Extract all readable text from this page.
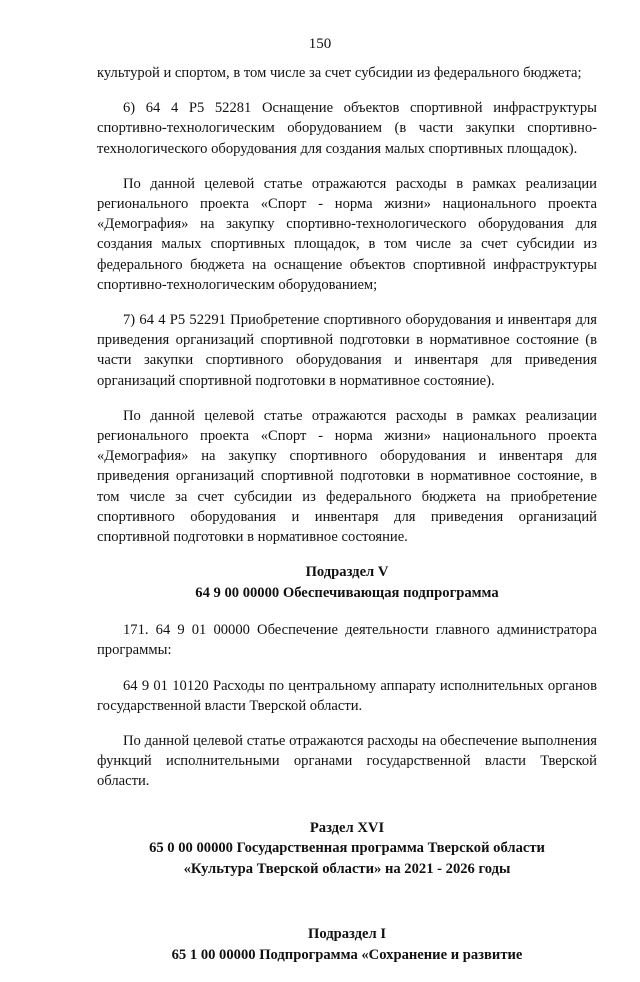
150

культурой и спортом, в том числе за счет субсидии из федерального бюджета;

6) 64 4 Р5 52281 Оснащение объектов спортивной инфраструктуры спортивно-технологическим оборудованием (в части закупки спортивно-технологического оборудования для создания малых спортивных площадок).

По данной целевой статье отражаются расходы в рамках реализации регионального проекта «Спорт - норма жизни» национального проекта «Демография» на закупку спортивно-технологического оборудования для создания малых спортивных площадок, в том числе за счет субсидии из федерального бюджета на оснащение объектов спортивной инфраструктуры спортивно-технологическим оборудованием;

7) 64 4 Р5 52291 Приобретение спортивного оборудования и инвентаря для приведения организаций спортивной подготовки в нормативное состояние (в части закупки спортивного оборудования и инвентаря для приведения организаций спортивной подготовки в нормативное состояние).

По данной целевой статье отражаются расходы в рамках реализации регионального проекта «Спорт - норма жизни» национального проекта «Демография» на закупку спортивного оборудования и инвентаря для приведения организаций спортивной подготовки в нормативное состояние, в том числе за счет субсидии из федерального бюджета на приобретение спортивного оборудования и инвентаря для приведения организаций спортивной подготовки в нормативное состояние.

Подраздел V
64 9 00 00000 Обеспечивающая подпрограмма

171. 64 9 01 00000 Обеспечение деятельности главного администратора программы:

64 9 01 10120 Расходы по центральному аппарату исполнительных органов государственной власти Тверской области.

По данной целевой статье отражаются расходы на обеспечение выполнения функций исполнительными органами государственной власти Тверской области.

Раздел XVI
65 0 00 00000 Государственная программа Тверской области
«Культура Тверской области» на 2021 - 2026 годы
Подраздел I
65 1 00 00000 Подпрограмма «Сохранение и развитие
